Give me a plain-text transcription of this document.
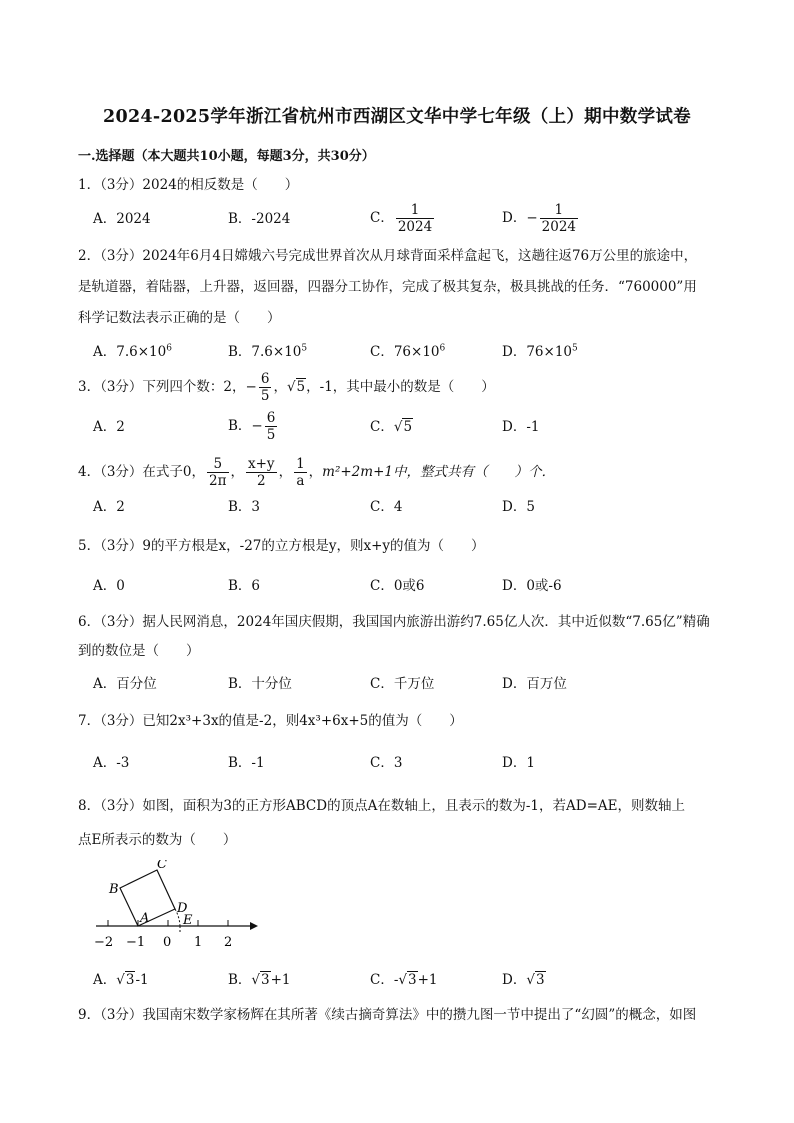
2024-2025学年浙江省杭州市西湖区文华中学七年级（上）期中数学试卷
一.选择题（本大题共10小题，每题3分，共30分）
1．（3分）2024的相反数是（　　）
A．2024	B．-2024	C． $\frac{1}{2024}$	D．− $\frac{1}{2024}$
2．（3分）2024年6月4日嫦娥六号完成世界首次从月球背面采样盒起飞，这趟往返76万公里的旅途中，
是轨道器，着陆器，上升器，返回器，四器分工协作，完成了极其复杂，极具挑战的任务．“760000”用
科学记数法表示正确的是（　　）
A．$7.6\times 10^6$	B．$7.6\times 10^5$	C．$76\times 10^6$	D．$76\times 10^5$
3．（3分）下列四个数：2，− $\frac{6}{5}$ ，√5，-1，其中最小的数是（　　）
A．2	B．− $\frac{6}{5}$	C．√5	D．-1
4．（3分）在式子0， $\frac{5}{2\pi}$ ， $\frac{x+y}{2}$ ， $\frac{1}{a}$ ，m²+2m+1中，整式共有（　　）个．
A．2	B．3	C．4	D．5
5．（3分）9的平方根是x，-27的立方根是y，则x+y的值为（　　）
A．0	B．6	C．0或6	D．0或-6
6．（3分）据人民网消息，2024年国庆假期，我国国内旅游出游约7.65亿人次．其中近似数“7.65亿”精确
到的数位是（　　）
A．百分位	B．十分位	C．千万位	D．百万位
7．（3分）已知2x³+3x的值是-2，则4x³+6x+5的值为（　　）
A．-3	B．-1	C．3	D．1
8．（3分）如图，面积为3的正方形ABCD的顶点A在数轴上，且表示的数为-1，若AD=AE，则数轴上
点E所表示的数为（　　）
B
C
A
D
E
−2 −1 0 1 2
A．√3-1	B．√3+1	C．-√3+1	D．√3
9．（3分）我国南宋数学家杨辉在其所著《续古摘奇算法》中的攒九图一节中提出了“幻圆”的概念，如图
